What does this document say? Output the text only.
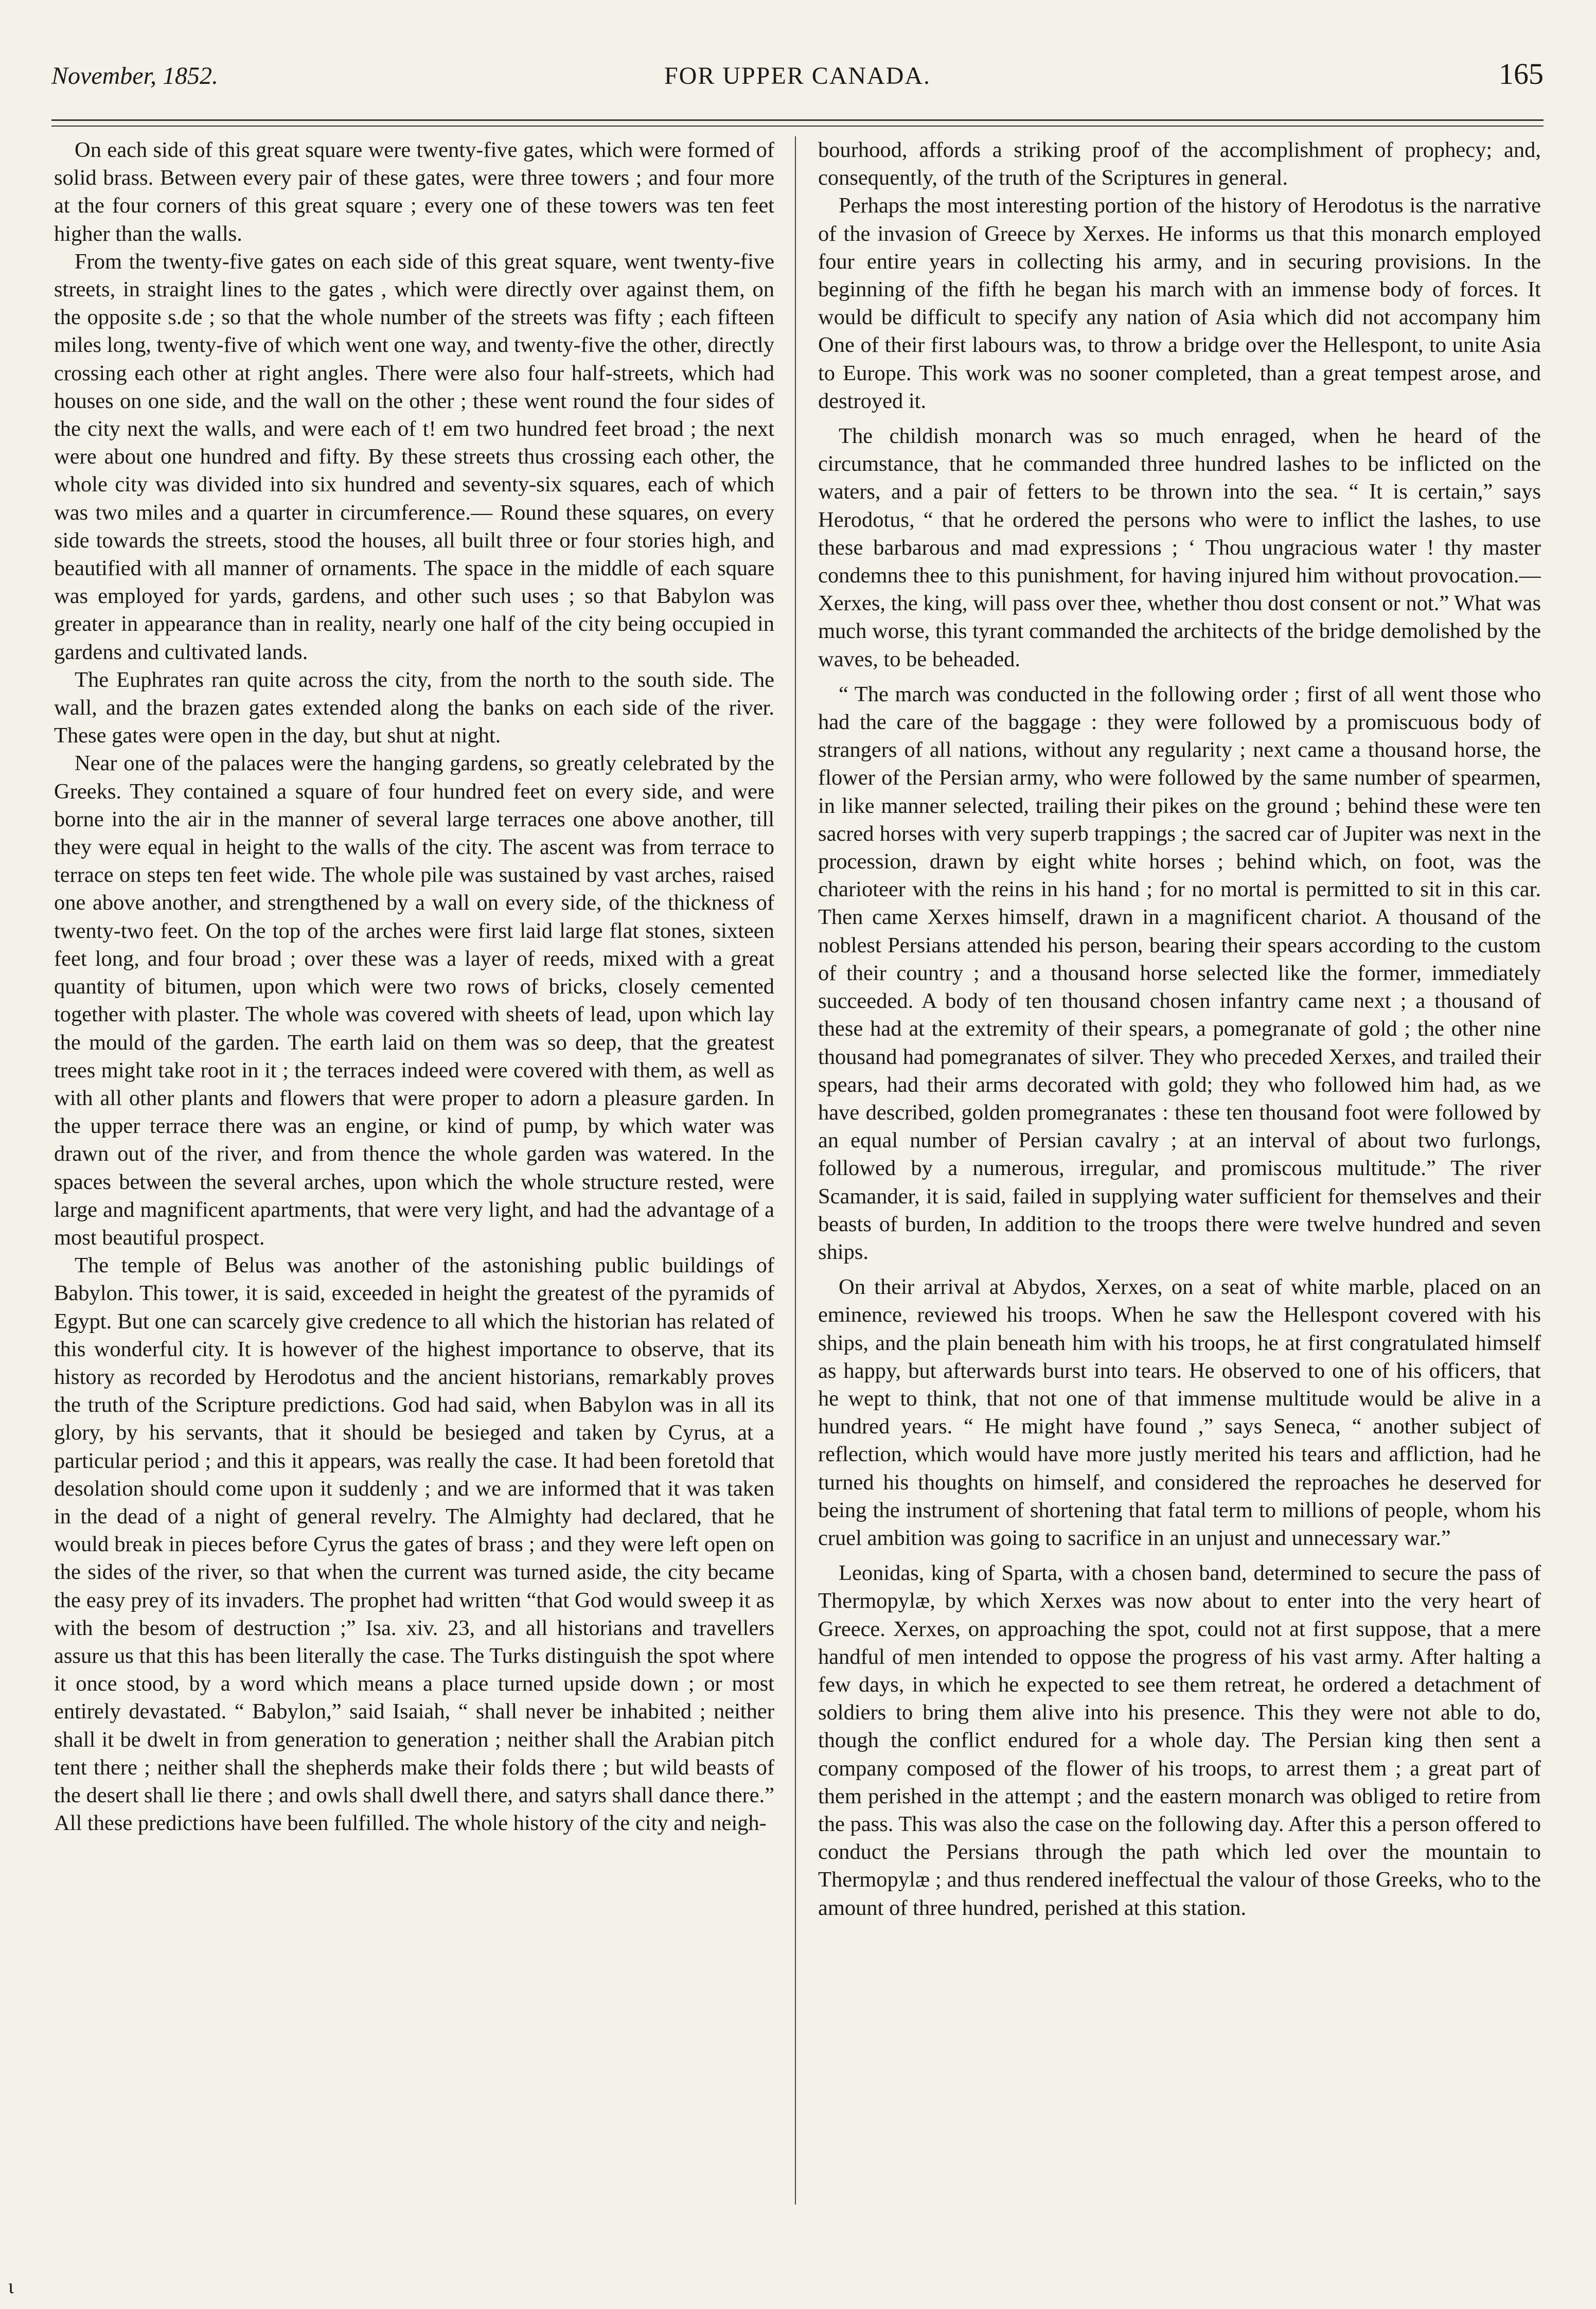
November, 1852.	FOR UPPER CANADA.	165

On each side of this great square were twenty-five gates, which were formed of solid brass. Between every pair of these gates, were three towers ; and four more at the four corners of this great square ; every one of these towers was ten feet higher than the walls.

From the twenty-five gates on each side of this great square, went twenty-five streets, in straight lines to the gates , which were directly over against them, on the opposite s.de ; so that the whole number of the streets was fifty ; each fifteen miles long, twenty-five of which went one way, and twenty-five the other, directly crossing each other at right angles. There were also four half-streets, which had houses on one side, and the wall on the other ; these went round the four sides of the city next the walls, and were each of t! em two hundred feet broad ; the next were about one hundred and fifty. By these streets thus crossing each other, the whole city was divided into six hundred and seventy-six squares, each of which was two miles and a quarter in circumference.— Round these squares, on every side towards the streets, stood the houses, all built three or four stories high, and beautified with all manner of ornaments. The space in the middle of each square was employed for yards, gardens, and other such uses ; so that Babylon was greater in appearance than in reality, nearly one half of the city being occupied in gardens and cultivated lands.

The Euphrates ran quite across the city, from the north to the south side. The wall, and the brazen gates extended along the banks on each side of the river. These gates were open in the day, but shut at night.

Near one of the palaces were the hanging gardens, so greatly celebrated by the Greeks. They contained a square of four hundred feet on every side, and were borne into the air in the manner of several large terraces one above another, till they were equal in height to the walls of the city. The ascent was from terrace to terrace on steps ten feet wide. The whole pile was sustained by vast arches, raised one above another, and strengthened by a wall on every side, of the thickness of twenty-two feet. On the top of the arches were first laid large flat stones, sixteen feet long, and four broad ; over these was a layer of reeds, mixed with a great quantity of bitumen, upon which were two rows of bricks, closely cemented together with plaster. The whole was covered with sheets of lead, upon which lay the mould of the garden. The earth laid on them was so deep, that the greatest trees might take root in it ; the terraces indeed were covered with them, as well as with all other plants and flowers that were proper to adorn a pleasure garden. In the upper terrace there was an engine, or kind of pump, by which water was drawn out of the river, and from thence the whole garden was watered. In the spaces between the several arches, upon which the whole structure rested, were large and magnificent apartments, that were very light, and had the advantage of a most beautiful prospect.

The temple of Belus was another of the astonishing public buildings of Babylon. This tower, it is said, exceeded in height the greatest of the pyramids of Egypt. But one can scarcely give credence to all which the historian has related of this wonderful city. It is however of the highest importance to observe, that its history as recorded by Herodotus and the ancient historians, remarkably proves the truth of the Scripture predictions. God had said, when Babylon was in all its glory, by his servants, that it should be besieged and taken by Cyrus, at a particular period ; and this it appears, was really the case. It had been foretold that desolation should come upon it suddenly ; and we are informed that it was taken in the dead of a night of general revelry. The Almighty had declared, that he would break in pieces before Cyrus the gates of brass ; and they were left open on the sides of the river, so that when the current was turned aside, the city became the easy prey of its invaders. The prophet had written “that God would sweep it as with the besom of destruction ;” Isa. xiv. 23, and all historians and travellers assure us that this has been literally the case. The Turks distinguish the spot where it once stood, by a word which means a place turned upside down ; or most entirely devastated. “ Babylon,” said Isaiah, “ shall never be inhabited ; neither shall it be dwelt in from generation to generation ; neither shall the Arabian pitch tent there ; neither shall the shepherds make their folds there ; but wild beasts of the desert shall lie there ; and owls shall dwell there, and satyrs shall dance there.” All these predictions have been fulfilled. The whole history of the city and neigh-

bourhood, affords a striking proof of the accomplishment of prophecy; and, consequently, of the truth of the Scriptures in general.

Perhaps the most interesting portion of the history of Herodotus is the narrative of the invasion of Greece by Xerxes. He informs us that this monarch employed four entire years in collecting his army, and in securing provisions. In the beginning of the fifth he began his march with an immense body of forces. It would be difficult to specify any nation of Asia which did not accompany him One of their first labours was, to throw a bridge over the Hellespont, to unite Asia to Europe. This work was no sooner completed, than a great tempest arose, and destroyed it.

The childish monarch was so much enraged, when he heard of the circumstance, that he commanded three hundred lashes to be inflicted on the waters, and a pair of fetters to be thrown into the sea. “ It is certain,” says Herodotus, “ that he ordered the persons who were to inflict the lashes, to use these barbarous and mad expressions ; ‘ Thou ungracious water ! thy master condemns thee to this punishment, for having injured him without provocation.— Xerxes, the king, will pass over thee, whether thou dost consent or not.” What was much worse, this tyrant commanded the architects of the bridge demolished by the waves, to be beheaded.

“ The march was conducted in the following order ; first of all went those who had the care of the baggage : they were followed by a promiscuous body of strangers of all nations, without any regularity ; next came a thousand horse, the flower of the Persian army, who were followed by the same number of spearmen, in like manner selected, trailing their pikes on the ground ; behind these were ten sacred horses with very superb trappings ; the sacred car of Jupiter was next in the procession, drawn by eight white horses ; behind which, on foot, was the charioteer with the reins in his hand ; for no mortal is permitted to sit in this car. Then came Xerxes himself, drawn in a magnificent chariot. A thousand of the noblest Persians attended his person, bearing their spears according to the custom of their country ; and a thousand horse selected like the former, immediately succeeded. A body of ten thousand chosen infantry came next ; a thousand of these had at the extremity of their spears, a pomegranate of gold ; the other nine thousand had pomegranates of silver. They who preceded Xerxes, and trailed their spears, had their arms decorated with gold; they who followed him had, as we have described, golden promegranates : these ten thousand foot were followed by an equal number of Persian cavalry ; at an interval of about two furlongs, followed by a numerous, irregular, and promiscous multitude.” The river Scamander, it is said, failed in supplying water sufficient for themselves and their beasts of burden, In addition to the troops there were twelve hundred and seven ships.

On their arrival at Abydos, Xerxes, on a seat of white marble, placed on an eminence, reviewed his troops. When he saw the Hellespont covered with his ships, and the plain beneath him with his troops, he at first congratulated himself as happy, but afterwards burst into tears. He observed to one of his officers, that he wept to think, that not one of that immense multitude would be alive in a hundred years. “ He might have found ,” says Seneca, “ another subject of reflection, which would have more justly merited his tears and affliction, had he turned his thoughts on himself, and considered the reproaches he deserved for being the instrument of shortening that fatal term to millions of people, whom his cruel ambition was going to sacrifice in an unjust and unnecessary war.”

Leonidas, king of Sparta, with a chosen band, determined to secure the pass of Thermopylæ, by which Xerxes was now about to enter into the very heart of Greece. Xerxes, on approaching the spot, could not at first suppose, that a mere handful of men intended to oppose the progress of his vast army. After halting a few days, in which he expected to see them retreat, he ordered a detachment of soldiers to bring them alive into his presence. This they were not able to do, though the conflict endured for a whole day. The Persian king then sent a company composed of the flower of his troops, to arrest them ; a great part of them perished in the attempt ; and the eastern monarch was obliged to retire from the pass. This was also the case on the following day. After this a person offered to conduct the Persians through the path which led over the mountain to Thermopylæ ; and thus rendered ineffectual the valour of those Greeks, who to the amount of three hundred, perished at this station.

ɩ
